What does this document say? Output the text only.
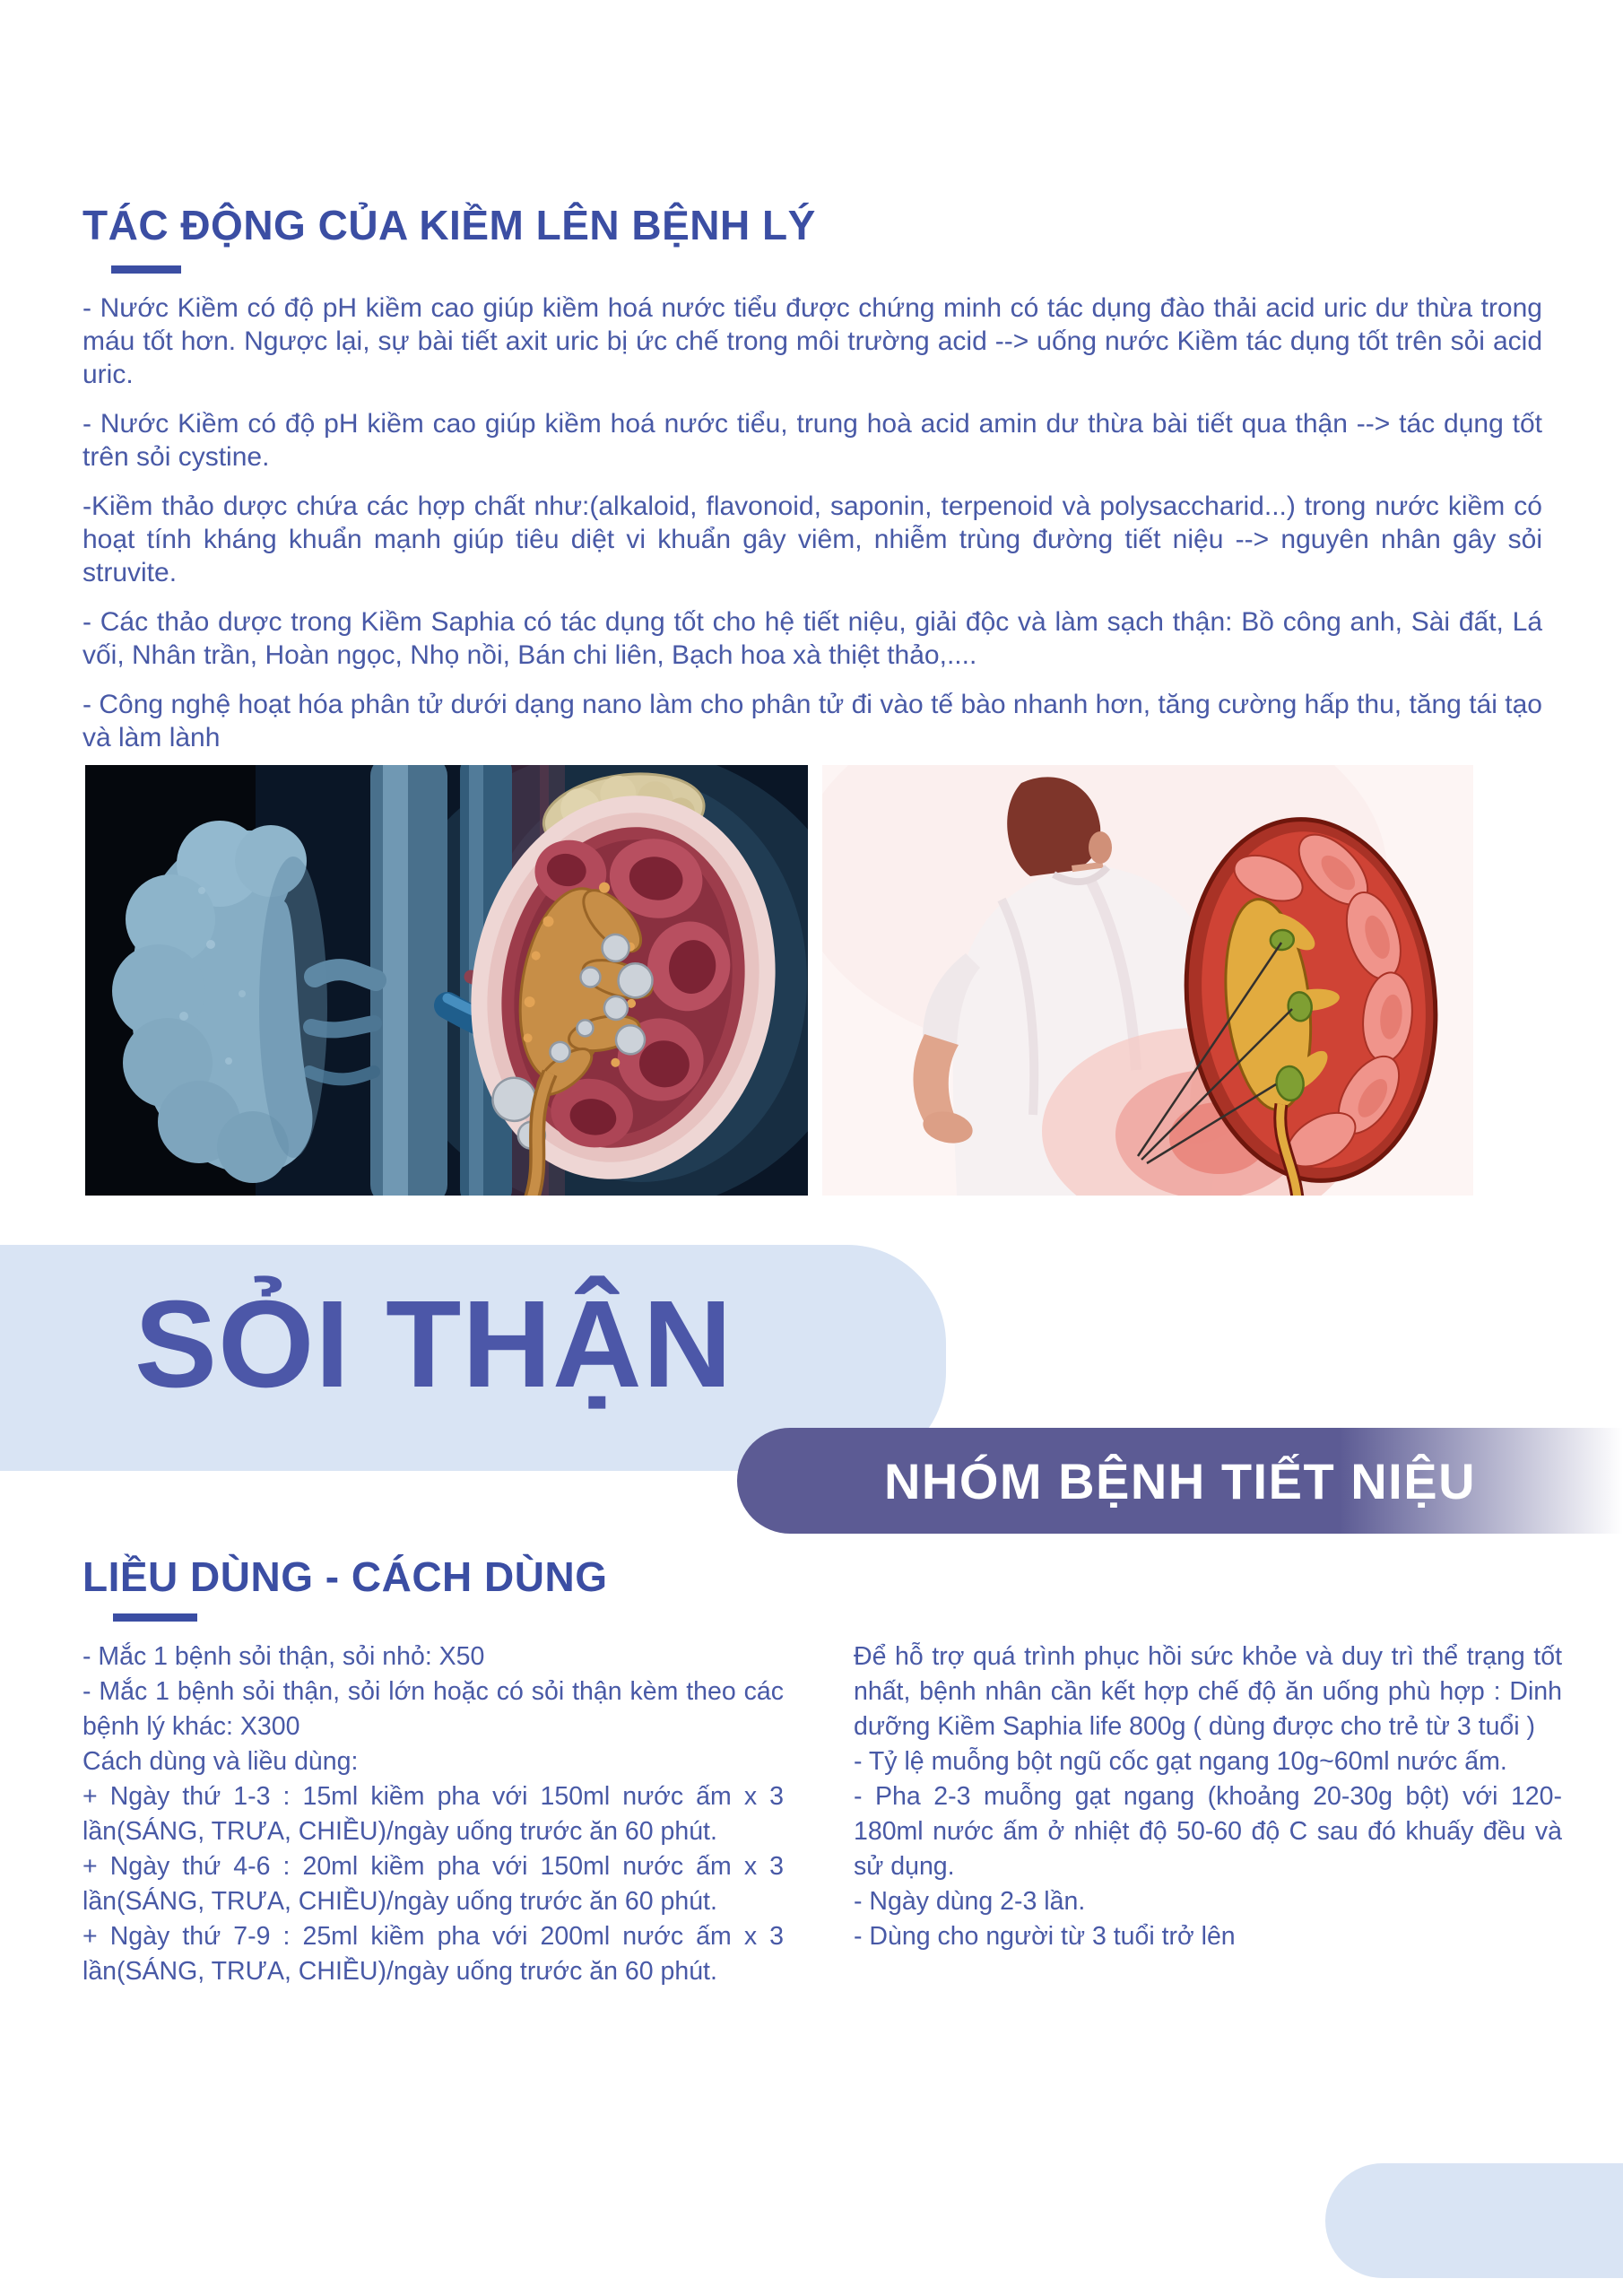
TÁC ĐỘNG CỦA KIỀM LÊN BỆNH LÝ

- Nước Kiềm có độ pH kiềm cao giúp kiềm hoá nước tiểu được chứng minh có tác dụng đào thải acid uric dư thừa trong máu tốt hơn. Ngược lại, sự bài tiết axit uric bị ức chế trong môi trường acid --> uống nước Kiềm tác dụng tốt trên sỏi acid uric.

- Nước Kiềm có độ pH kiềm cao giúp kiềm hoá nước tiểu, trung hoà acid amin dư thừa bài tiết qua thận --> tác dụng tốt trên sỏi cystine.

-Kiềm thảo dược chứa các hợp chất như:(alkaloid, flavonoid, saponin, terpenoid và polysaccharid...) trong nước kiềm có hoạt tính kháng khuẩn mạnh giúp tiêu diệt vi khuẩn gây viêm, nhiễm trùng đường tiết niệu --> nguyên nhân gây sỏi struvite.

- Các thảo dược trong Kiềm Saphia có tác dụng tốt cho hệ tiết niệu, giải độc và làm sạch thận: Bồ công anh, Sài đất, Lá vối, Nhân trần, Hoàn ngọc, Nhọ nồi, Bán chi liên, Bạch hoa xà thiệt thảo,....

- Công nghệ hoạt hóa phân tử dưới dạng nano làm cho phân tử đi vào tế bào nhanh hơn, tăng cường hấp thu, tăng tái tạo và làm lành

SỎI THẬN
NHÓM BỆNH TIẾT NIỆU
LIỀU DÙNG - CÁCH DÙNG

- Mắc 1 bệnh sỏi thận, sỏi nhỏ: X50

- Mắc 1 bệnh sỏi thận, sỏi lớn hoặc có sỏi thận kèm theo các bệnh lý khác: X300

Cách dùng và liều dùng:

+ Ngày thứ 1-3 : 15ml kiềm pha với 150ml nước ấm x 3 lần(SÁNG, TRƯA, CHIỀU)/ngày uống trước ăn 60 phút.

+ Ngày thứ 4-6 : 20ml kiềm pha với 150ml nước ấm x 3 lần(SÁNG, TRƯA, CHIỀU)/ngày uống trước ăn 60 phút.

+ Ngày thứ 7-9 : 25ml kiềm pha với 200ml nước ấm x 3 lần(SÁNG, TRƯA, CHIỀU)/ngày uống trước ăn 60 phút.

Để hỗ trợ quá trình phục hồi sức khỏe và duy trì thể trạng tốt nhất, bệnh nhân cần kết hợp chế độ ăn uống phù hợp : Dinh dưỡng Kiềm Saphia life 800g ( dùng được cho trẻ từ 3 tuổi )

- Tỷ lệ muỗng bột ngũ cốc gạt ngang 10g~60ml nước ấm.

- Pha 2-3 muỗng gạt ngang (khoảng 20-30g bột) với 120-180ml nước ấm ở nhiệt độ 50-60 độ C sau đó khuấy đều và sử dụng.

- Ngày dùng 2-3 lần.

- Dùng cho người từ 3 tuổi trở lên
